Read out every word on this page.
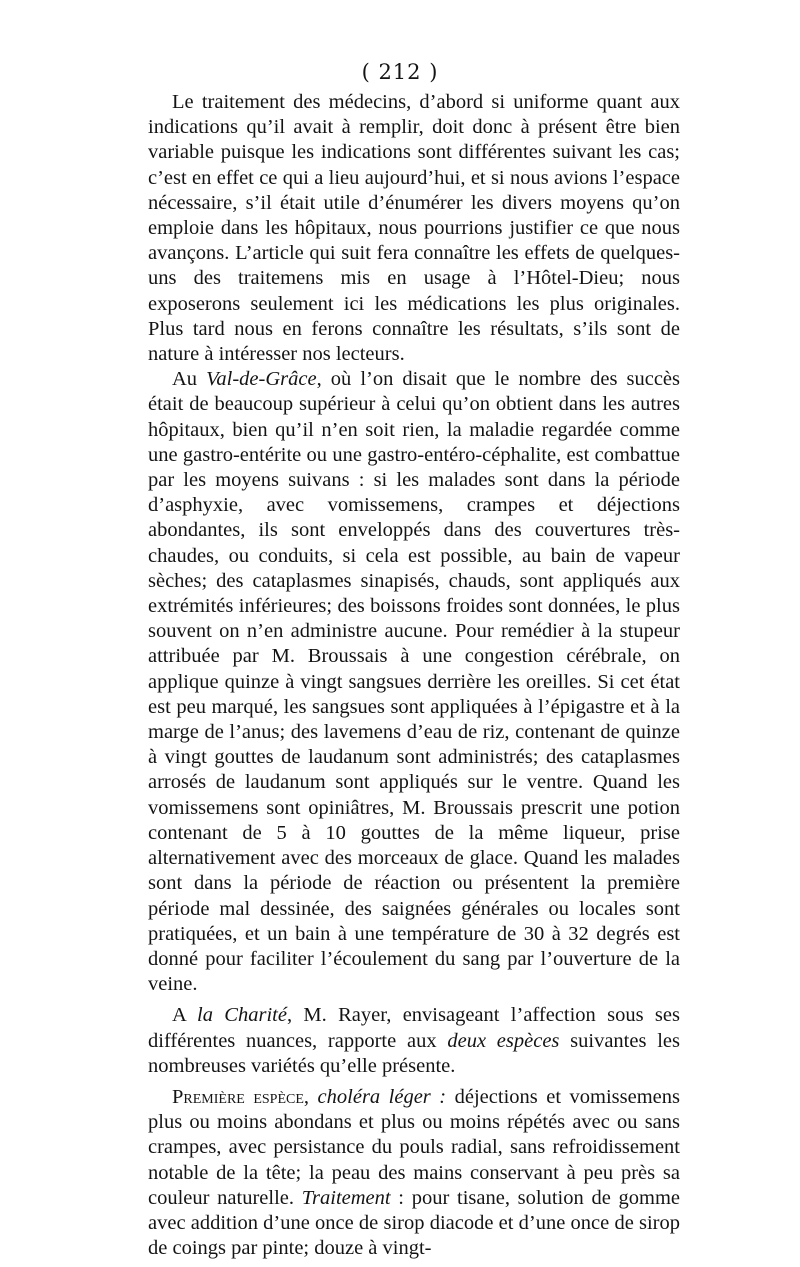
( 212 )

Le traitement des médecins, d’abord si uniforme quant aux indications qu’il avait à remplir, doit donc à présent être bien variable puisque les indications sont différentes suivant les cas; c’est en effet ce qui a lieu aujourd’hui, et si nous avions l’espace nécessaire, s’il était utile d’énumérer les divers moyens qu’on emploie dans les hôpitaux, nous pourrions justifier ce que nous avançons. L’article qui suit fera connaître les effets de quelques-uns des traitemens mis en usage à l’Hôtel-Dieu; nous exposerons seulement ici les médications les plus originales. Plus tard nous en ferons connaître les résultats, s’ils sont de nature à intéresser nos lecteurs.

Au Val-de-Grâce, où l’on disait que le nombre des succès était de beaucoup supérieur à celui qu’on obtient dans les autres hôpitaux, bien qu’il n’en soit rien, la maladie regardée comme une gastro-entérite ou une gastro-entéro-céphalite, est combattue par les moyens suivans : si les malades sont dans la période d’asphyxie, avec vomissemens, crampes et déjections abondantes, ils sont enveloppés dans des couvertures très-chaudes, ou conduits, si cela est possible, au bain de vapeur sèches; des cataplasmes sinapisés, chauds, sont appliqués aux extrémités inférieures; des boissons froides sont données, le plus souvent on n’en administre aucune. Pour remédier à la stupeur attribuée par M. Broussais à une congestion cérébrale, on applique quinze à vingt sangsues derrière les oreilles. Si cet état est peu marqué, les sangsues sont appliquées à l’épigastre et à la marge de l’anus; des lavemens d’eau de riz, contenant de quinze à vingt gouttes de laudanum sont administrés; des cataplasmes arrosés de laudanum sont appliqués sur le ventre. Quand les vomissemens sont opiniâtres, M. Broussais prescrit une potion contenant de 5 à 10 gouttes de la même liqueur, prise alternativement avec des morceaux de glace. Quand les malades sont dans la période de réaction ou présentent la première période mal dessinée, des saignées générales ou locales sont pratiquées, et un bain à une température de 30 à 32 degrés est donné pour faciliter l’écoulement du sang par l’ouverture de la veine.

A la Charité, M. Rayer, envisageant l’affection sous ses différentes nuances, rapporte aux deux espèces suivantes les nombreuses variétés qu’elle présente.

Première espèce, choléra léger : déjections et vomissemens plus ou moins abondans et plus ou moins répétés avec ou sans crampes, avec persistance du pouls radial, sans refroidissement notable de la tête; la peau des mains conservant à peu près sa couleur naturelle. Traitement : pour tisane, solution de gomme avec addition d’une once de sirop diacode et d’une once de sirop de coings par pinte; douze à vingt-
